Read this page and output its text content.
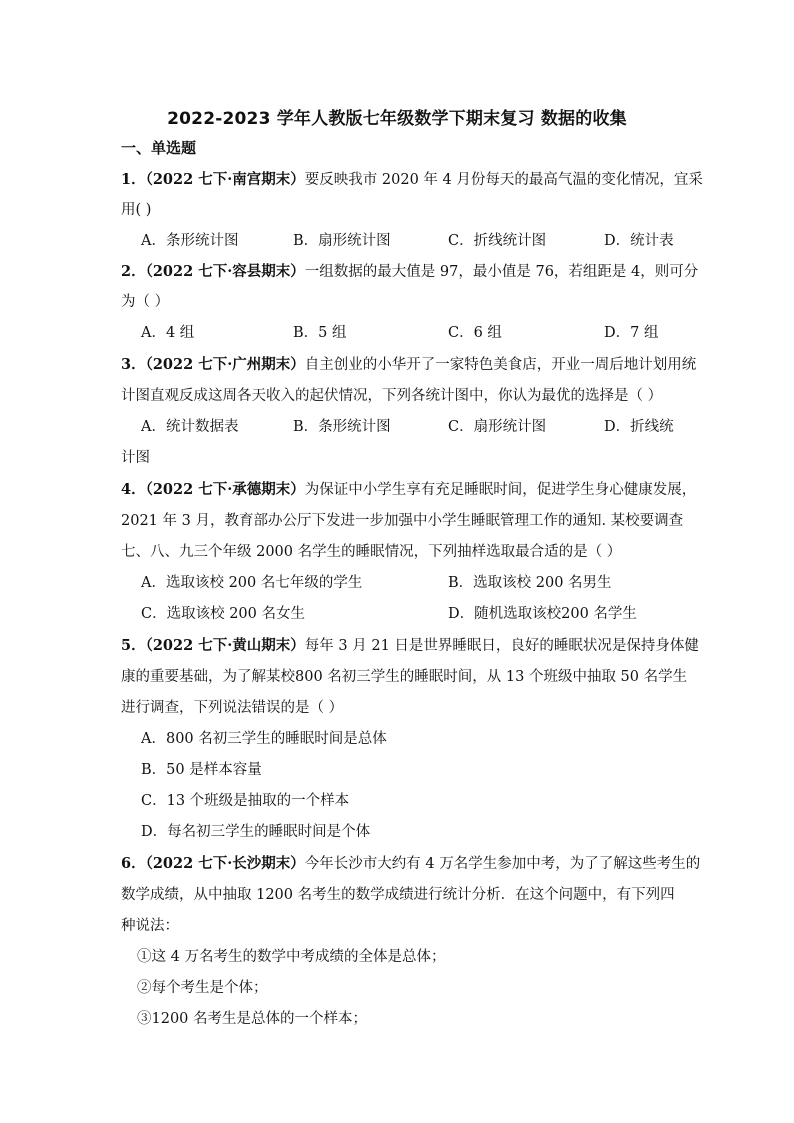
2022-2023 学年人教版七年级数学下期末复习 数据的收集
一、单选题
1．（2022 七下·南宫期末）要反映我市 2020 年 4 月份每天的最高气温的变化情况，宜采
用( )
A．条形统计图	B．扇形统计图	C．折线统计图	D．统计表
2．（2022 七下·容县期末）一组数据的最大值是 97，最小值是 76，若组距是 4，则可分
为（ ）
A．4 组	B．5 组	C．6 组	D．7 组
3．（2022 七下·广州期末）自主创业的小华开了一家特色美食店，开业一周后地计划用统
计图直观反成这周各天收入的起伏情况，下列各统计图中，你认为最优的选择是（ ）
A．统计数据表	B．条形统计图	C．扇形统计图	D．折线统
计图
4．（2022 七下·承德期末）为保证中小学生享有充足睡眠时间，促进学生身心健康发展，
2021 年 3 月，教育部办公厅下发进一步加强中小学生睡眠管理工作的通知. 某校要调查
七、八、九三个年级 2000 名学生的睡眠情况，下列抽样选取最合适的是（ ）
A．选取该校 200 名七年级的学生	B．选取该校 200 名男生
C．选取该校 200 名女生	D．随机选取该校200 名学生
5．（2022 七下·黄山期末）每年 3 月 21 日是世界睡眠日，良好的睡眠状况是保持身体健
康的重要基础，为了解某校800 名初三学生的睡眠时间，从 13 个班级中抽取 50 名学生
进行调查，下列说法错误的是（ ）
A．800 名初三学生的睡眠时间是总体
B．50 是样本容量
C．13 个班级是抽取的一个样本
D．每名初三学生的睡眠时间是个体
6．（2022 七下·长沙期末）今年长沙市大约有 4 万名学生参加中考，为了了解这些考生的
数学成绩，从中抽取 1200 名考生的数学成绩进行统计分析．在这个问题中，有下列四
种说法：
①这 4 万名考生的数学中考成绩的全体是总体；
②每个考生是个体；
③1200 名考生是总体的一个样本；
